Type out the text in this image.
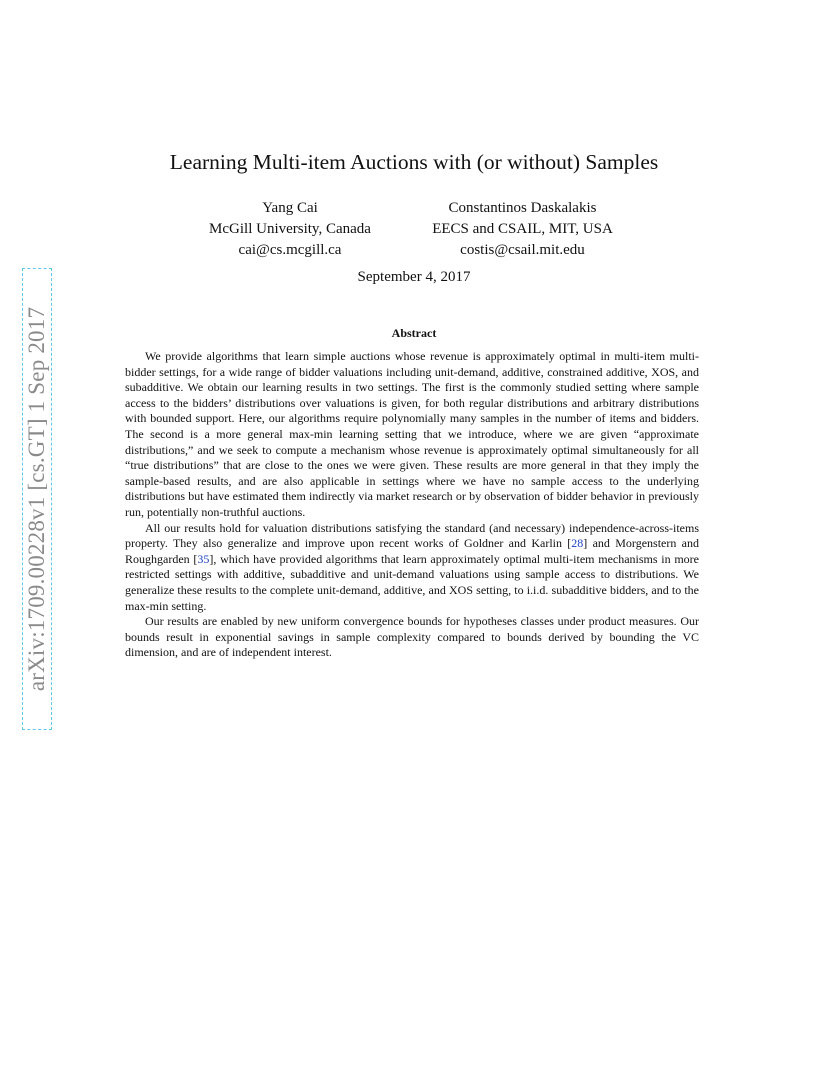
arXiv:1709.00228v1 [cs.GT] 1 Sep 2017
Learning Multi-item Auctions with (or without) Samples
Yang Cai
McGill University, Canada
cai@cs.mcgill.ca
Constantinos Daskalakis
EECS and CSAIL, MIT, USA
costis@csail.mit.edu
September 4, 2017
Abstract

We provide algorithms that learn simple auctions whose revenue is approximately optimal in multi-item multi-bidder settings, for a wide range of bidder valuations including unit-demand, additive, constrained additive, XOS, and subadditive. We obtain our learning results in two settings. The first is the commonly studied setting where sample access to the bidders’ distributions over valuations is given, for both regular distributions and arbitrary distributions with bounded support. Here, our algorithms require polynomially many samples in the number of items and bidders. The second is a more general max-min learning setting that we introduce, where we are given “approximate distributions,” and we seek to compute a mechanism whose revenue is approximately optimal simultaneously for all “true distributions” that are close to the ones we were given. These results are more general in that they imply the sample-based results, and are also applicable in settings where we have no sample access to the underlying distributions but have estimated them indirectly via market research or by observation of bidder behavior in previously run, potentially non-truthful auctions.

All our results hold for valuation distributions satisfying the standard (and necessary) independence-across-items property. They also generalize and improve upon recent works of Goldner and Karlin [28] and Morgenstern and Roughgarden [35], which have provided algorithms that learn approximately optimal multi-item mechanisms in more restricted settings with additive, subadditive and unit-demand valuations using sample access to distributions. We generalize these results to the complete unit-demand, additive, and XOS setting, to i.i.d. subadditive bidders, and to the max-min setting.

Our results are enabled by new uniform convergence bounds for hypotheses classes under product measures. Our bounds result in exponential savings in sample complexity compared to bounds derived by bounding the VC dimension, and are of independent interest.
